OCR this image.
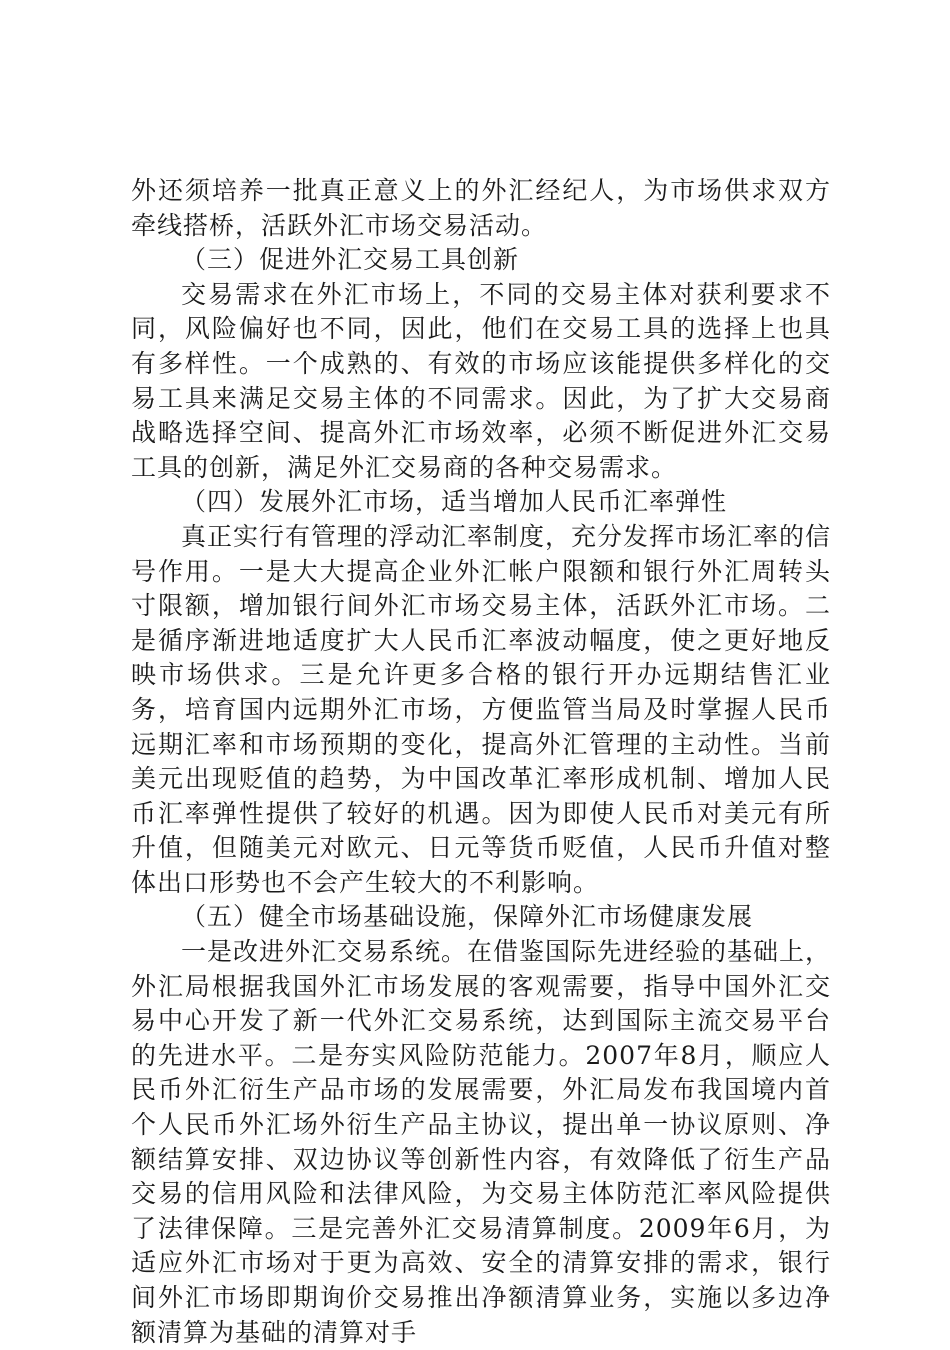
外还须培养一批真正意义上的外汇经纪人，为市场供求双方牵线搭桥，活跃外汇市场交易活动。

（三）促进外汇交易工具创新

交易需求在外汇市场上，不同的交易主体对获利要求不同，风险偏好也不同，因此，他们在交易工具的选择上也具有多样性。一个成熟的、有效的市场应该能提供多样化的交易工具来满足交易主体的不同需求。因此，为了扩大交易商战略选择空间、提高外汇市场效率，必须不断促进外汇交易工具的创新，满足外汇交易商的各种交易需求。

（四）发展外汇市场，适当增加人民币汇率弹性

真正实行有管理的浮动汇率制度，充分发挥市场汇率的信号作用。一是大大提高企业外汇帐户限额和银行外汇周转头寸限额，增加银行间外汇市场交易主体，活跃外汇市场。二是循序渐进地适度扩大人民币汇率波动幅度，使之更好地反映市场供求。三是允许更多合格的银行开办远期结售汇业务，培育国内远期外汇市场，方便监管当局及时掌握人民币远期汇率和市场预期的变化，提高外汇管理的主动性。当前美元出现贬值的趋势，为中国改革汇率形成机制、增加人民币汇率弹性提供了较好的机遇。因为即使人民币对美元有所升值，但随美元对欧元、日元等货币贬值，人民币升值对整体出口形势也不会产生较大的不利影响。

（五）健全市场基础设施，保障外汇市场健康发展

一是改进外汇交易系统。在借鉴国际先进经验的基础上，外汇局根据我国外汇市场发展的客观需要，指导中国外汇交易中心开发了新一代外汇交易系统，达到国际主流交易平台的先进水平。二是夯实风险防范能力。2007年8月，顺应人民币外汇衍生产品市场的发展需要，外汇局发布我国境内首个人民币外汇场外衍生产品主协议，提出单一协议原则、净额结算安排、双边协议等创新性内容，有效降低了衍生产品交易的信用风险和法律风险，为交易主体防范汇率风险提供了法律保障。三是完善外汇交易清算制度。2009年6月，为适应外汇市场对于更为高效、安全的清算安排的需求，银行间外汇市场即期询价交易推出净额清算业务，实施以多边净额清算为基础的清算对手
